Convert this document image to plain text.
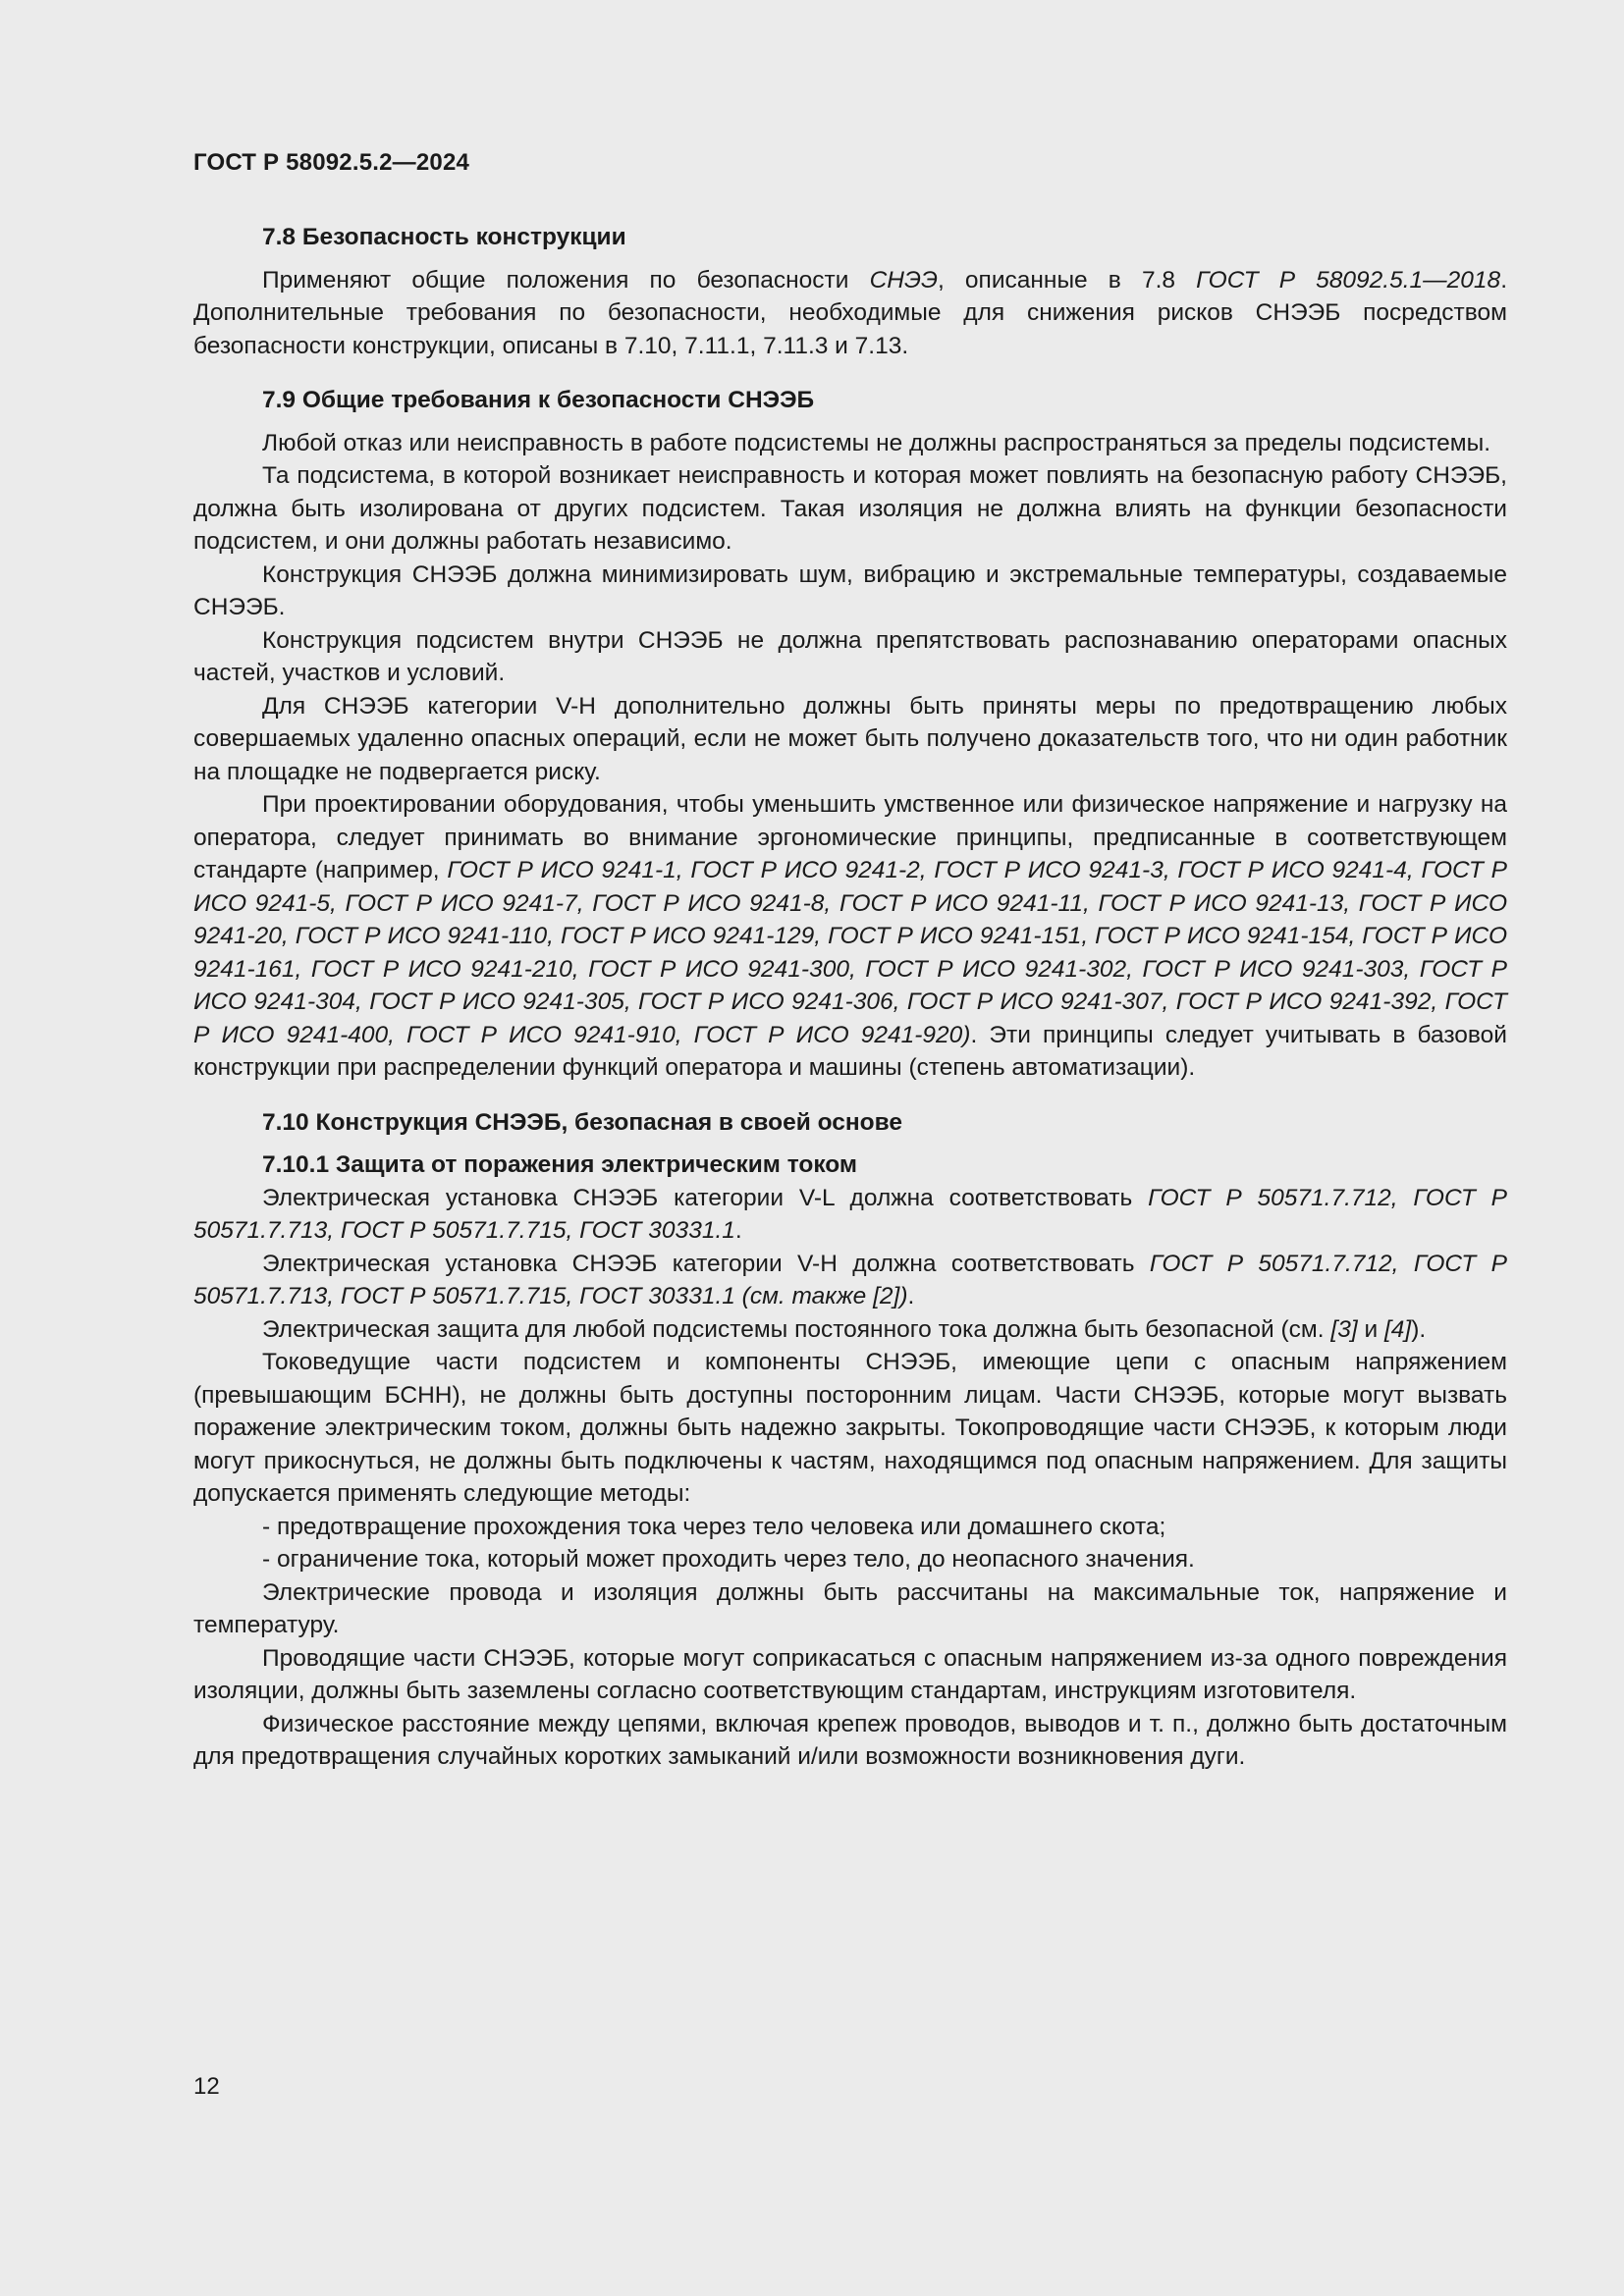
ГОСТ Р 58092.5.2—2024
7.8 Безопасность конструкции

Применяют общие положения по безопасности СНЭЭ, описанные в 7.8 ГОСТ Р 58092.5.1—2018. Дополнительные требования по безопасности, необходимые для снижения рисков СНЭЭБ посредством безопасности конструкции, описаны в 7.10, 7.11.1, 7.11.3 и 7.13.

7.9 Общие требования к безопасности СНЭЭБ

Любой отказ или неисправность в работе подсистемы не должны распространяться за пределы подсистемы.

Та подсистема, в которой возникает неисправность и которая может повлиять на безопасную работу СНЭЭБ, должна быть изолирована от других подсистем. Такая изоляция не должна влиять на функции безопасности подсистем, и они должны работать независимо.

Конструкция СНЭЭБ должна минимизировать шум, вибрацию и экстремальные температуры, создаваемые СНЭЭБ.

Конструкция подсистем внутри СНЭЭБ не должна препятствовать распознаванию операторами опасных частей, участков и условий.

Для СНЭЭБ категории V-H дополнительно должны быть приняты меры по предотвращению любых совершаемых удаленно опасных операций, если не может быть получено доказательств того, что ни один работник на площадке не подвергается риску.

При проектировании оборудования, чтобы уменьшить умственное или физическое напряжение и нагрузку на оператора, следует принимать во внимание эргономические принципы, предписанные в соответствующем стандарте (например, ГОСТ Р ИСО 9241-1, ГОСТ Р ИСО 9241-2, ГОСТ Р ИСО 9241-3, ГОСТ Р ИСО 9241-4, ГОСТ Р ИСО 9241-5, ГОСТ Р ИСО 9241-7, ГОСТ Р ИСО 9241-8, ГОСТ Р ИСО 9241-11, ГОСТ Р ИСО 9241-13, ГОСТ Р ИСО 9241-20, ГОСТ Р ИСО 9241-110, ГОСТ Р ИСО 9241-129, ГОСТ Р ИСО 9241-151, ГОСТ Р ИСО 9241-154, ГОСТ Р ИСО 9241-161, ГОСТ Р ИСО 9241-210, ГОСТ Р ИСО 9241-300, ГОСТ Р ИСО 9241-302, ГОСТ Р ИСО 9241-303, ГОСТ Р ИСО 9241-304, ГОСТ Р ИСО 9241-305, ГОСТ Р ИСО 9241-306, ГОСТ Р ИСО 9241-307, ГОСТ Р ИСО 9241-392, ГОСТ Р ИСО 9241-400, ГОСТ Р ИСО 9241-910, ГОСТ Р ИСО 9241-920). Эти принципы следует учитывать в базовой конструкции при распределении функций оператора и машины (степень автоматизации).

7.10 Конструкция СНЭЭБ, безопасная в своей основе
7.10.1 Защита от поражения электрическим током

Электрическая установка СНЭЭБ категории V-L должна соответствовать ГОСТ Р 50571.7.712, ГОСТ Р 50571.7.713, ГОСТ Р 50571.7.715, ГОСТ 30331.1.

Электрическая установка СНЭЭБ категории V-H должна соответствовать ГОСТ Р 50571.7.712, ГОСТ Р 50571.7.713, ГОСТ Р 50571.7.715, ГОСТ 30331.1 (см. также [2]).

Электрическая защита для любой подсистемы постоянного тока должна быть безопасной (см. [3] и [4]).

Токоведущие части подсистем и компоненты СНЭЭБ, имеющие цепи с опасным напряжением (превышающим БСНН), не должны быть доступны посторонним лицам. Части СНЭЭБ, которые могут вызвать поражение электрическим током, должны быть надежно закрыты. Токопроводящие части СНЭЭБ, к которым люди могут прикоснуться, не должны быть подключены к частям, находящимся под опасным напряжением. Для защиты допускается применять следующие методы:

- предотвращение прохождения тока через тело человека или домашнего скота;

- ограничение тока, который может проходить через тело, до неопасного значения.

Электрические провода и изоляция должны быть рассчитаны на максимальные ток, напряжение и температуру.

Проводящие части СНЭЭБ, которые могут соприкасаться с опасным напряжением из-за одного повреждения изоляции, должны быть заземлены согласно соответствующим стандартам, инструкциям изготовителя.

Физическое расстояние между цепями, включая крепеж проводов, выводов и т. п., должно быть достаточным для предотвращения случайных коротких замыканий и/или возможности возникновения дуги.

12
